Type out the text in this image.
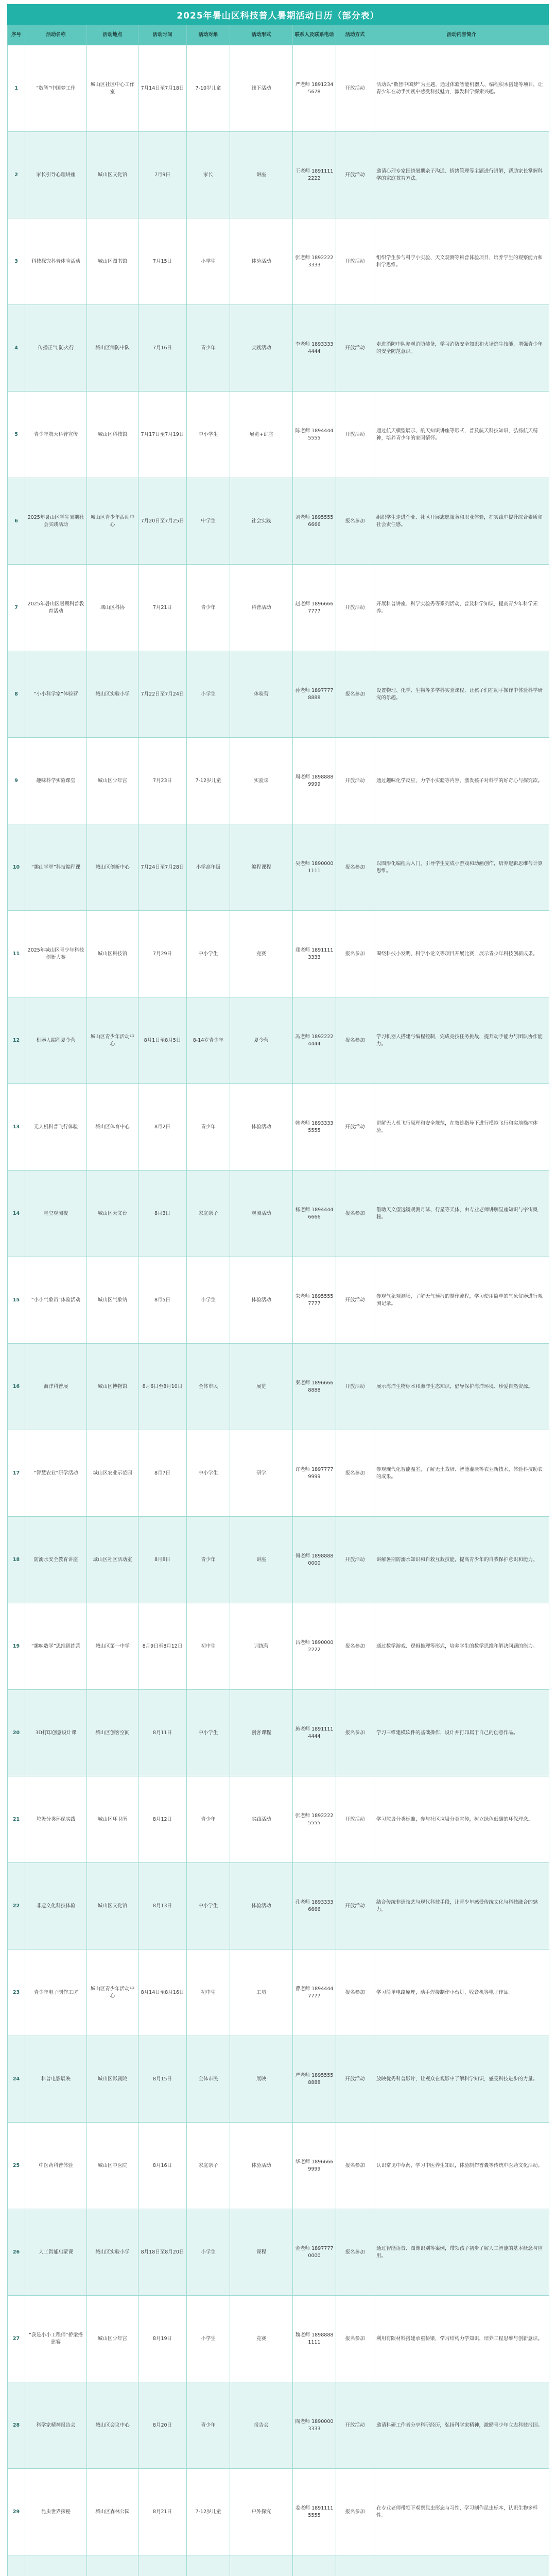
2025年暑山区科技普人暑期活动日历（部分表）
序号	活动名称	活动地点	活动时间	活动对象	活动形式	联系人及联系电话	活动方式	活动内容简介
1	“数智”中国梦工作	城山区社区中心工作室	7月14日至7月18日	7-10岁儿童	线下活动	严老师 18912345678	开放活动	活动以“数智中国梦”为主题，通过体验智能机器人、编程积木搭建等项目，让青少年在动手实践中感受科技魅力，激发科学探索兴趣。
2	家长引导心理讲座	城山区文化馆	7月9日	家长	讲座	王老师 18911112222	开放活动	邀请心理专家围绕暑期亲子沟通、情绪管理等主题进行讲解，帮助家长掌握科学的家庭教育方法。
3	科技探究科普体验活动	城山区图书馆	7月15日	小学生	体验活动	张老师 18922223333	开放活动	组织学生参与科学小实验、天文观测等科普体验项目，培养学生的观察能力和科学思维。
4	传播正气 防火行	城山区消防中队	7月16日	青少年	实践活动	李老师 18933334444	开放活动	走进消防中队参观消防装备，学习消防安全知识和火场逃生技能，增强青少年的安全防范意识。
5	青少年航天科普宣传	城山区科技馆	7月17日至7月19日	中小学生	展览+讲座	陈老师 18944445555	开放活动	通过航天模型展示、航天知识讲座等形式，普及航天科技知识，弘扬航天精神，培养青少年的家国情怀。
6	2025年暑山区学生暑期社会实践活动	城山区青少年活动中心	7月20日至7月25日	中学生	社会实践	刘老师 18955556666	报名参加	组织学生走进企业、社区开展志愿服务和职业体验，在实践中提升综合素质和社会责任感。
7	2025年暑山区暑期科普教育活动	城山区科协	7月21日	青少年	科普活动	赵老师 18966667777	开放活动	开展科普讲座、科学实验秀等系列活动，普及科学知识，提高青少年科学素养。
8	“小小科学家”体验营	城山区实验小学	7月22日至7月24日	小学生	体验营	孙老师 18977778888	报名参加	设置物理、化学、生物等多学科实验课程，让孩子们在动手操作中体验科学研究的乐趣。
9	趣味科学实验课堂	城山区少年宫	7月23日	7-12岁儿童	实验课	周老师 18988889999	开放活动	通过趣味化学反应、力学小实验等内容，激发孩子对科学的好奇心与探究欲。
10	“趣山学堂”科技编程课	城山区创新中心	7月24日至7月28日	小学高年级	编程课程	吴老师 18900001111	报名参加	以图形化编程为入门，引导学生完成小游戏和动画创作，培养逻辑思维与计算思维。
11	2025年城山区青少年科技创新大赛	城山区科技馆	7月29日	中小学生	竞赛	郑老师 18911113333	报名参加	围绕科技小发明、科学小论文等项目开展比赛，展示青少年科技创新成果。
12	机器人编程夏令营	城山区青少年活动中心	8月1日至8月5日	8-14岁青少年	夏令营	冯老师 18922224444	报名参加	学习机器人搭建与编程控制，完成竞技任务挑战，提升动手能力与团队协作能力。
13	无人机科普飞行体验	城山区体育中心	8月2日	青少年	体验活动	韩老师 18933335555	开放活动	讲解无人机飞行原理和安全规范，在教练指导下进行模拟飞行和实地操控体验。
14	星空观测夜	城山区天文台	8月3日	家庭亲子	观测活动	杨老师 18944446666	报名参加	借助天文望远镜观测月球、行星等天体，由专业老师讲解星座知识与宇宙奥秘。
15	“小小气象员”体验活动	城山区气象站	8月5日	小学生	体验活动	朱老师 18955557777	开放活动	参观气象观测场，了解天气预报的制作流程，学习使用简单的气象仪器进行观测记录。
16	海洋科普展	城山区博物馆	8月6日至8月10日	全体市民	展览	秦老师 18966668888	开放活动	展示海洋生物标本和海洋生态知识，倡导保护海洋环境、珍爱自然资源。
17	“智慧农业”研学活动	城山区农业示范园	8月7日	中小学生	研学	许老师 18977779999	报名参加	参观现代化智能温室，了解无土栽培、智能灌溉等农业新技术，体验科技助农的成果。
18	防溺水安全教育讲座	城山区社区活动室	8月8日	青少年	讲座	何老师 18988880000	开放活动	讲解暑期防溺水知识和自救互救技能，提高青少年的自我保护意识和能力。
19	“趣味数学”思维训练营	城山区第一中学	8月9日至8月12日	初中生	训练营	吕老师 18900002222	报名参加	通过数学游戏、逻辑推理等形式，培养学生的数学思维和解决问题的能力。
20	3D打印创意设计课	城山区创客空间	8月11日	中小学生	创客课程	施老师 18911114444	报名参加	学习三维建模软件的基础操作，设计并打印属于自己的创意作品。
21	垃圾分类环保实践	城山区环卫所	8月12日	青少年	实践活动	张老师 18922225555	开放活动	学习垃圾分类标准，参与社区垃圾分类宣传，树立绿色低碳的环保理念。
22	非遗文化科技体验	城山区文化馆	8月13日	中小学生	体验活动	孔老师 18933336666	开放活动	结合传统非遗技艺与现代科技手段，让青少年感受传统文化与科技融合的魅力。
23	青少年电子制作工坊	城山区青少年活动中心	8月14日至8月16日	初中生	工坊	曹老师 18944447777	报名参加	学习简单电路原理，动手焊接制作小台灯、收音机等电子作品。
24	科普电影展映	城山区影剧院	8月15日	全体市民	展映	严老师 18955558888	开放活动	放映优秀科普影片，让观众在观影中了解科学知识，感受科技进步的力量。
25	中医药科普体验	城山区中医院	8月16日	家庭亲子	体验活动	华老师 18966669999	报名参加	认识常见中草药，学习中医养生知识，体验制作香囊等传统中医药文化活动。
26	人工智能启蒙课	城山区实验小学	8月18日至8月20日	小学生	课程	金老师 18977770000	报名参加	通过智能语音、图像识别等案例，带领孩子初步了解人工智能的基本概念与应用。
27	“我是小小工程师”桥梁搭建赛	城山区少年宫	8月19日	小学生	竞赛	魏老师 18988881111	报名参加	利用有限材料搭建承重桥梁，学习结构力学知识，培养工程思维与创新意识。
28	科学家精神报告会	城山区会议中心	8月20日	青少年	报告会	陶老师 18900003333	开放活动	邀请科研工作者分享科研经历，弘扬科学家精神，激励青少年立志科技报国。
29	昆虫世界探秘	城山区森林公园	8月21日	7-12岁儿童	户外探究	姜老师 18911115555	报名参加	在专业老师带领下观察昆虫形态与习性，学习制作昆虫标本，认识生物多样性。
